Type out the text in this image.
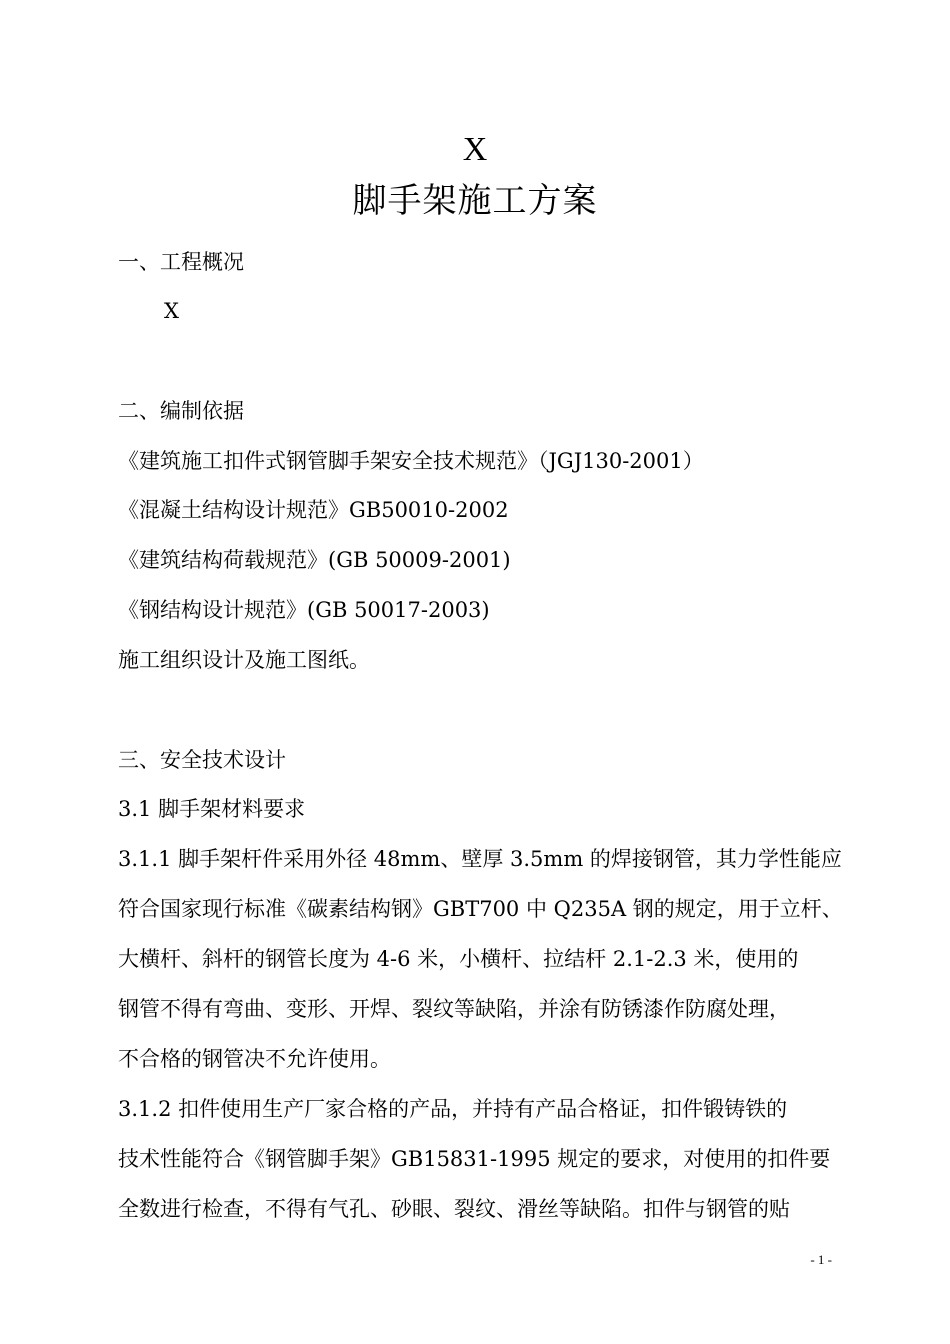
X
脚手架施工方案
一、工程概况
X
二、编制依据
《建筑施工扣件式钢管脚手架安全技术规范》（JGJ130-2001）
《混凝土结构设计规范》GB50010-2002
《建筑结构荷载规范》(GB 50009-2001)
《钢结构设计规范》(GB 50017-2003)
施工组织设计及施工图纸。
三、安全技术设计
3.1 脚手架材料要求
3.1.1 脚手架杆件采用外径 48mm、壁厚 3.5mm 的焊接钢管，其力学性能应
符合国家现行标准《碳素结构钢》GBT700 中 Q235A 钢的规定，用于立杆、
大横杆、斜杆的钢管长度为 4-6 米，小横杆、拉结杆 2.1-2.3 米，使用的
钢管不得有弯曲、变形、开焊、裂纹等缺陷，并涂有防锈漆作防腐处理，
不合格的钢管决不允许使用。
3.1.2 扣件使用生产厂家合格的产品，并持有产品合格证，扣件锻铸铁的
技术性能符合《钢管脚手架》GB15831-1995 规定的要求，对使用的扣件要
全数进行检查，不得有气孔、砂眼、裂纹、滑丝等缺陷。扣件与钢管的贴
- 1 -
